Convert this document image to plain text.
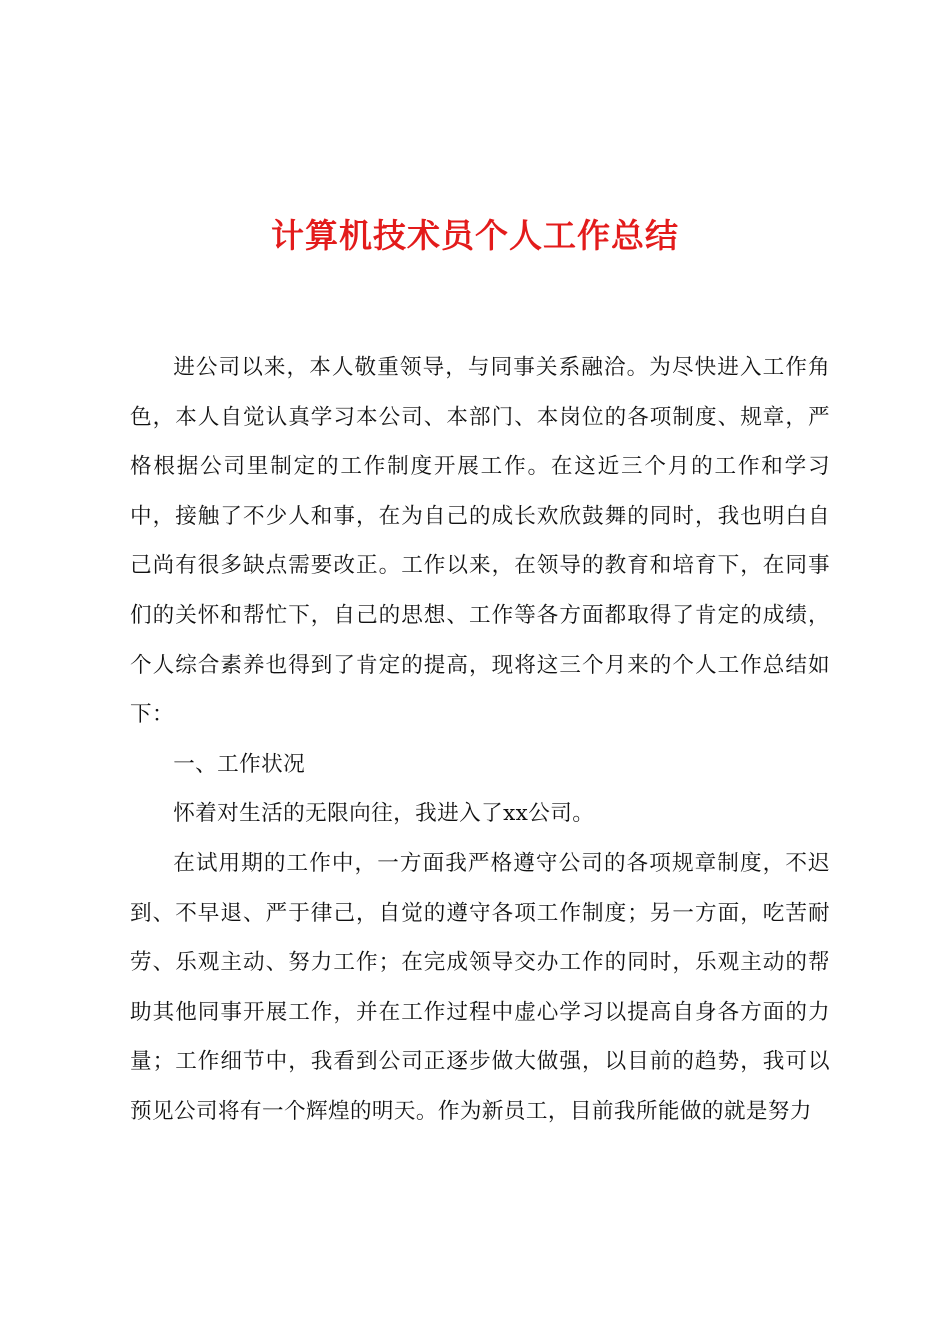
计算机技术员个人工作总结

进公司以来，本人敬重领导，与同事关系融洽。为尽快进入工作角色，本人自觉认真学习本公司、本部门、本岗位的各项制度、规章，严格根据公司里制定的工作制度开展工作。在这近三个月的工作和学习中，接触了不少人和事，在为自己的成长欢欣鼓舞的同时，我也明白自己尚有很多缺点需要改正。工作以来，在领导的教育和培育下，在同事们的关怀和帮忙下，自己的思想、工作等各方面都取得了肯定的成绩，个人综合素养也得到了肯定的提高，现将这三个月来的个人工作总结如下：

一、工作状况

怀着对生活的无限向往，我进入了xx公司。

在试用期的工作中，一方面我严格遵守公司的各项规章制度，不迟到、不早退、严于律己，自觉的遵守各项工作制度；另一方面，吃苦耐劳、乐观主动、努力工作；在完成领导交办工作的同时，乐观主动的帮助其他同事开展工作，并在工作过程中虚心学习以提高自身各方面的力量；工作细节中，我看到公司正逐步做大做强，以目前的趋势，我可以预见公司将有一个辉煌的明天。作为新员工，目前我所能做的就是努力
